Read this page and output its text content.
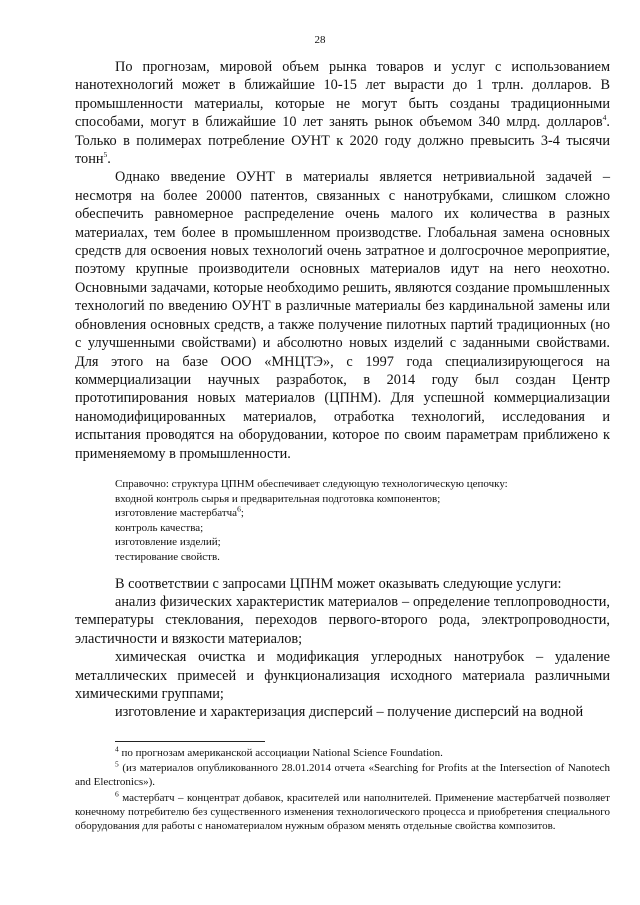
28

По прогнозам, мировой объем рынка товаров и услуг с использованием нанотехнологий может в ближайшие 10-15 лет вырасти до 1 трлн. долларов. В промышленности материалы, которые не могут быть созданы традиционными способами, могут в ближайшие 10 лет занять рынок объемом 340 млрд. долларов$^4$. Только в полимерах потребление ОУНТ к 2020 году должно превысить 3-4 тысячи тонн$^5$.

Однако введение ОУНТ в материалы является нетривиальной задачей – несмотря на более 20000 патентов, связанных с нанотрубками, слишком сложно обеспечить равномерное распределение очень малого их количества в разных материалах, тем более в промышленном производстве. Глобальная замена основных средств для освоения новых технологий очень затратное и долгосрочное мероприятие, поэтому крупные производители основных материалов идут на него неохотно. Основными задачами, которые необходимо решить, являются создание промышленных технологий по введению ОУНТ в различные материалы без кардинальной замены или обновления основных средств, а также получение пилотных партий традиционных (но с улучшенными свойствами) и абсолютно новых изделий с заданными свойствами. Для этого на базе ООО «МНЦТЭ», с 1997 года специализирующегося на коммерциализации научных разработок, в 2014 году был создан Центр прототипирования новых материалов (ЦПНМ). Для успешной коммерциализации наномодифицированных материалов, отработка технологий, исследования и испытания проводятся на оборудовании, которое по своим параметрам приближено к применяемому в промышленности.

Справочно: структура ЦПНМ обеспечивает следующую технологическую цепочку:
входной контроль сырья и предварительная подготовка компонентов;
изготовление мастербатча$^6$;
контроль качества;
изготовление изделий;
тестирование свойств.

В соответствии с запросами ЦПНМ может оказывать следующие услуги:

анализ физических характеристик материалов – определение теплопроводности, температуры стеклования, переходов первого-второго рода, электропроводности, эластичности и вязкости материалов;

химическая очистка и модификация углеродных нанотрубок – удаление металлических примесей и функционализация исходного материала различными химическими группами;

изготовление и характеризация дисперсий – получение дисперсий на водной

$^4$ по прогнозам американской ассоциации National Science Foundation.

$^5$ (из материалов опубликованного 28.01.2014 отчета «Searching for Profits at the Intersection of Nanotech and Electronics»).

$^6$ мастербатч – концентрат добавок, красителей или наполнителей. Применение мастербатчей позволяет конечному потребителю без существенного изменения технологического процесса и приобретения специального оборудования для работы с наноматериалом нужным образом менять отдельные свойства композитов.
